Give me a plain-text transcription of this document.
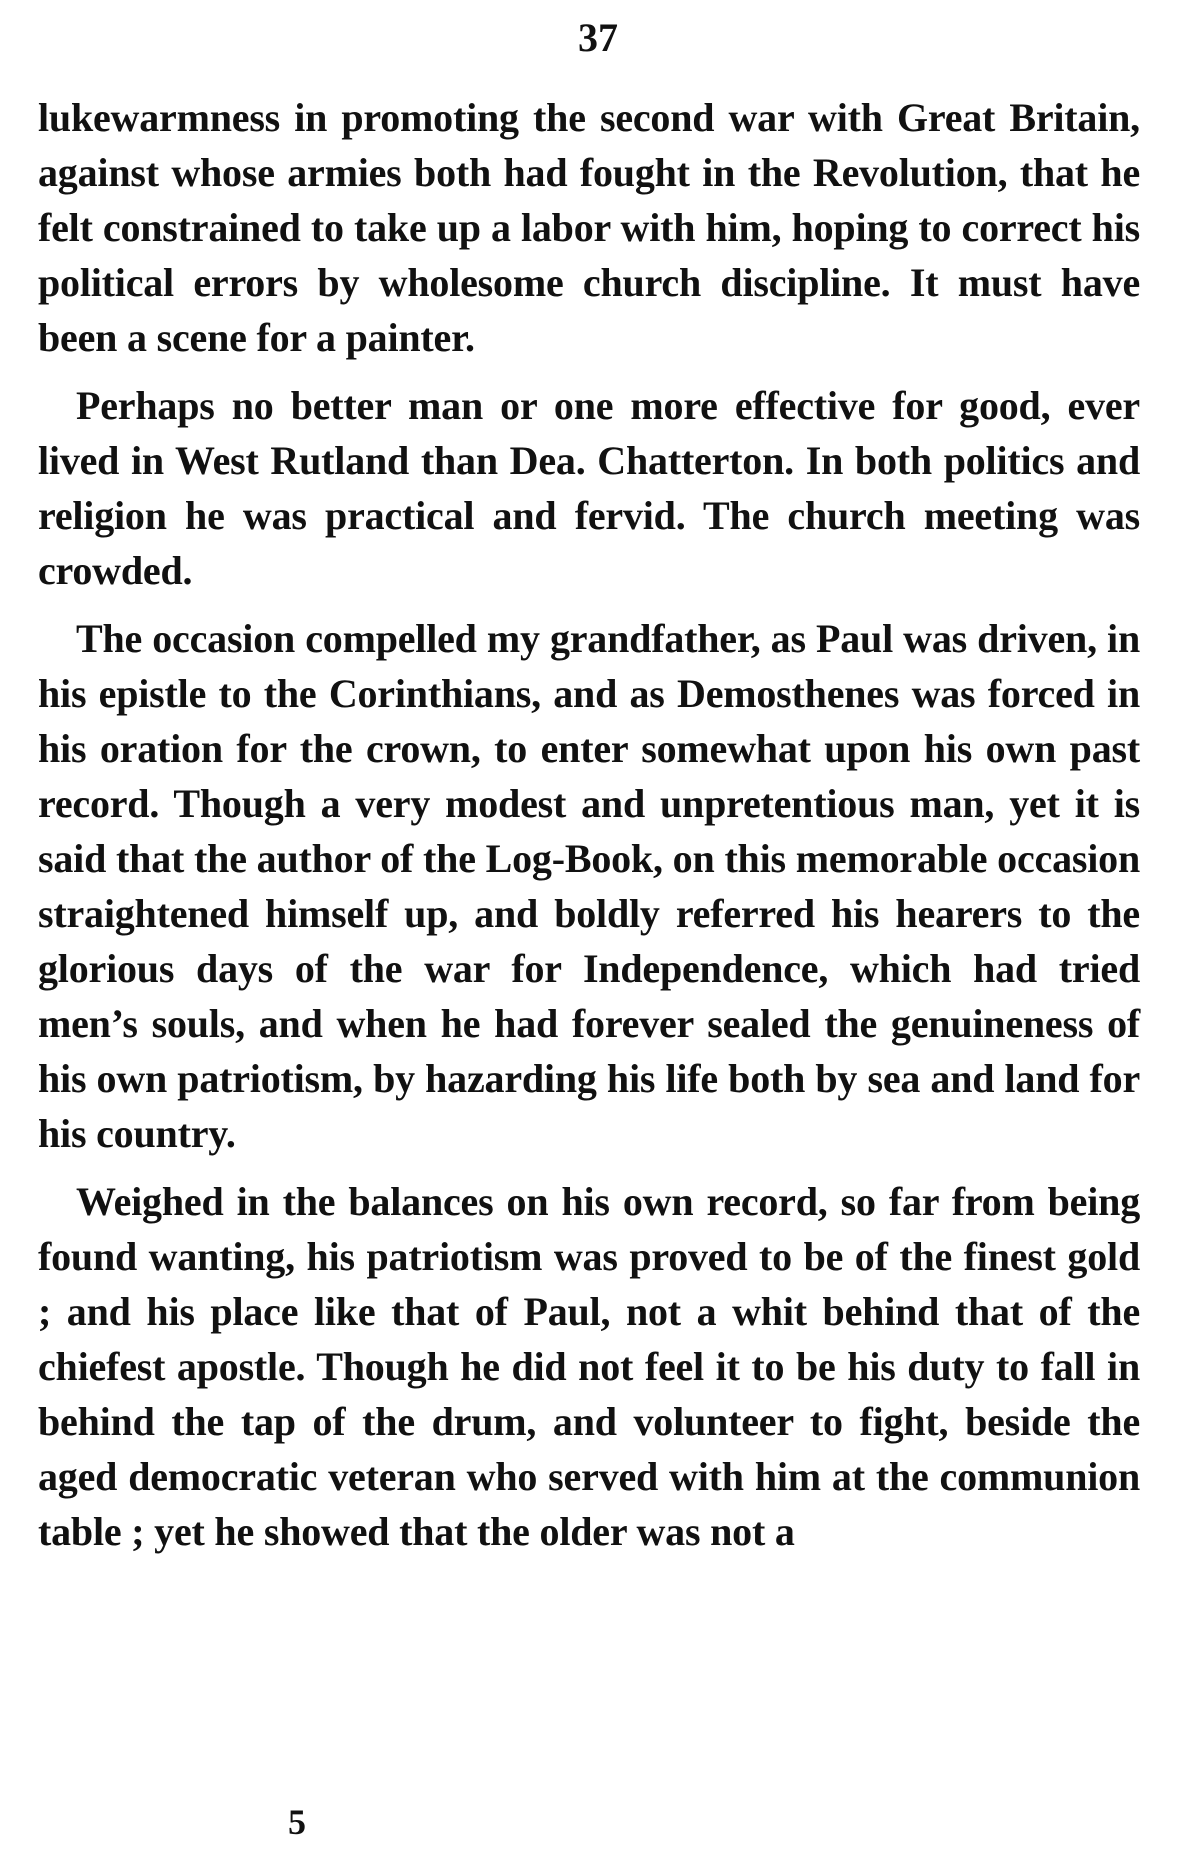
37

lukewarmness in promoting the second war with Great Britain, against whose armies both had fought in the Revolution, that he felt constrained to take up a labor with him, hoping to correct his political errors by wholesome church discipline. It must have been a scene for a painter.

Perhaps no better man or one more effective for good, ever lived in West Rutland than Dea. Chatterton. In both politics and religion he was practical and fervid. The church meeting was crowded.

The occasion compelled my grandfather, as Paul was driven, in his epistle to the Corinthians, and as Demosthenes was forced in his oration for the crown, to enter somewhat upon his own past record. Though a very modest and unpretentious man, yet it is said that the author of the Log-Book, on this memorable occasion straightened himself up, and boldly referred his hearers to the glorious days of the war for Independence, which had tried men’s souls, and when he had forever sealed the genuineness of his own patriotism, by hazarding his life both by sea and land for his country.

Weighed in the balances on his own record, so far from being found wanting, his patriotism was proved to be of the finest gold ; and his place like that of Paul, not a whit behind that of the chiefest apostle. Though he did not feel it to be his duty to fall in behind the tap of the drum, and volunteer to fight, beside the aged democratic veteran who served with him at the communion table ; yet he showed that the older was not a

5
